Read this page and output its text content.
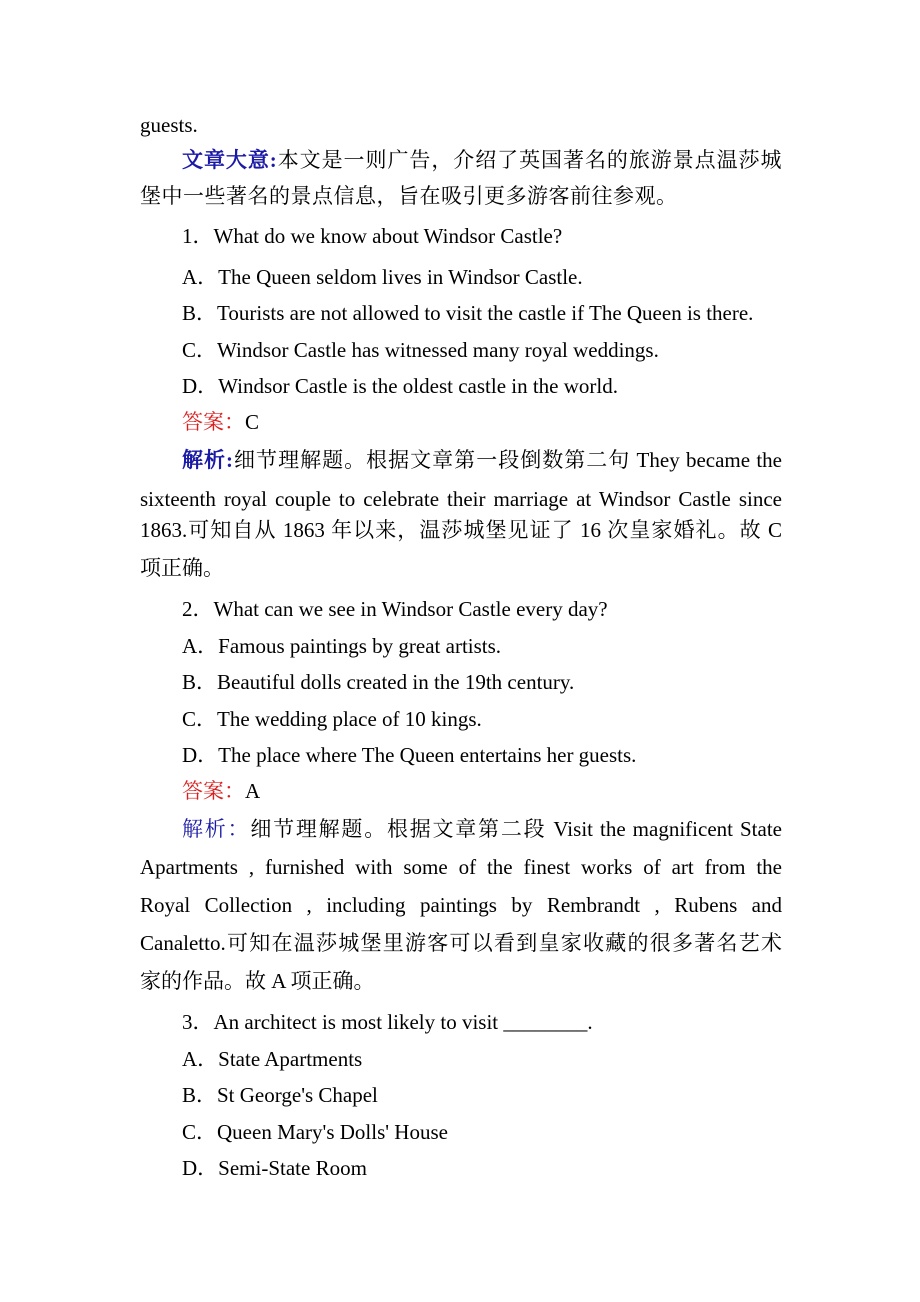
guests.
文章大意:本文是一则广告，介绍了英国著名的旅游景点温莎城
堡中一些著名的景点信息，旨在吸引更多游客前往参观。
1．What do we know about Windsor Castle?
A．The Queen seldom lives in Windsor Castle.
B．Tourists are not allowed to visit the castle if The Queen is there.
C．Windsor Castle has witnessed many royal weddings.
D．Windsor Castle is the oldest castle in the world.
答案：C
解析:细节理解题。根据文章第一段倒数第二句 They became the
sixteenth royal couple to celebrate their marriage at Windsor Castle since
1863.可知自从 1863 年以来，温莎城堡见证了 16 次皇家婚礼。故 C
项正确。
2．What can we see in Windsor Castle every day?
A．Famous paintings by great artists.
B．Beautiful dolls created in the 19th century.
C．The wedding place of 10 kings.
D．The place where The Queen entertains her guests.
答案：A
解析：细节理解题。根据文章第二段 Visit the magnificent State
Apartments , furnished with some of the finest works of art from the
Royal Collection , including paintings by Rembrandt , Rubens and
Canaletto.可知在温莎城堡里游客可以看到皇家收藏的很多著名艺术
家的作品。故 A 项正确。
3．An architect is most likely to visit ________.
A．State Apartments
B．St George's Chapel
C．Queen Mary's Dolls' House
D．Semi-State Room
